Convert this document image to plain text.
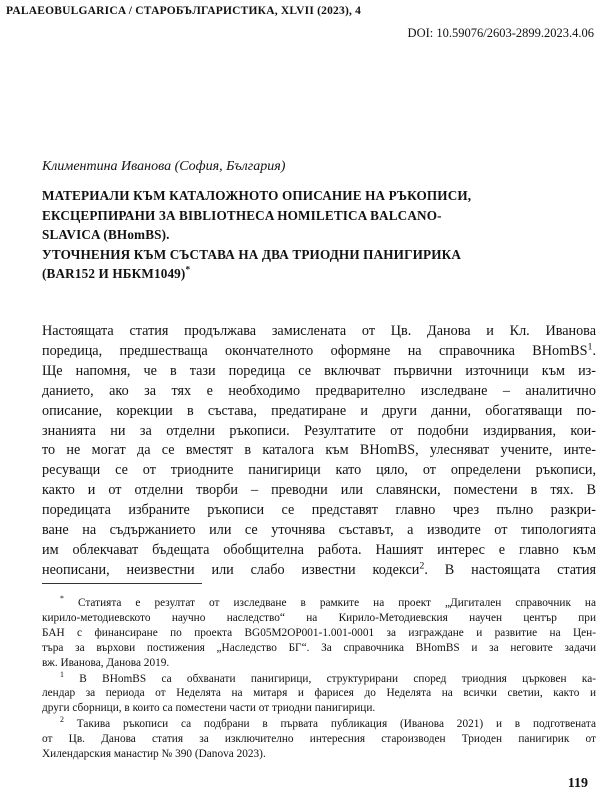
PALAEOBULGARICA / СТАРОБЪЛГАРИСТИКА, XLVII (2023), 4
DOI: 10.59076/2603-2899.2023.4.06
Климентина Иванова (София, България)
МАТЕРИАЛИ КЪМ КАТАЛОЖНОТО ОПИСАНИЕ НА РЪКОПИСИ,
ЕКСЦЕРПИРАНИ ЗА BIBLIOTHECA HOMILETICA BALCANO-
SLAVICA (BHomBS).
УТОЧНЕНИЯ КЪМ СЪСТАВА НА ДВА ТРИОДНИ ПАНИГИРИКА
(BAR152 И НБКМ1049)*
Настоящата статия продължава замислената от Цв. Данова и Кл. Иванова
поредица, предшестваща окончателното оформяне на справочника BHomBS$^1$.
Ще напомня, че в тази поредица се включват първични източници към из-
данието, ако за тях е необходимо предварително изследване – аналитично
описание, корекции в състава, предатиране и други данни, обогатяващи по-
знанията ни за отделни ръкописи. Резултатите от подобни издирвания, кои-
то не могат да се вместят в каталога към BHomBS, улесняват учените, инте-
ресуващи се от триодните панигирици като цяло, от определени ръкописи,
както и от отделни творби – преводни или славянски, поместени в тях. В
поредицата избраните ръкописи се представят главно чрез пълно разкри-
ване на съдържанието или се уточнява съставът, а изводите от типологията
им облекчават бъдещата обобщителна работа. Нашият интерес е главно към
неописани, неизвестни или слабо известни кодекси$^2$. В настоящата статия
* Статията е резултат от изследване в рамките на проект „Дигитален справочник на
кирило-методиевското научно наследство“ на Кирило-Методиевския научен център при
БАН с финансиране по проекта BG05M2OP001-1.001-0001 за изграждане и развитие на Цен-
търа за върхови постижения „Наследство БГ“. За справочника BHomBS и за неговите задачи
вж. Иванова, Данова 2019.
$^1$ В BHomBS са обхванати панигирици, структурирани според триодния църковен ка-
лендар за периода от Неделята на митаря и фарисея до Неделята на всички светии, както и
други сборници, в които са поместени части от триодни панигирици.
$^2$ Такива ръкописи са подбрани в първата публикация (Иванова 2021) и в подготвената
от Цв. Данова статия за изключително интересния староизводен Триоден панигирик от
Хилендарския манастир № 390 (Danova 2023).
119
